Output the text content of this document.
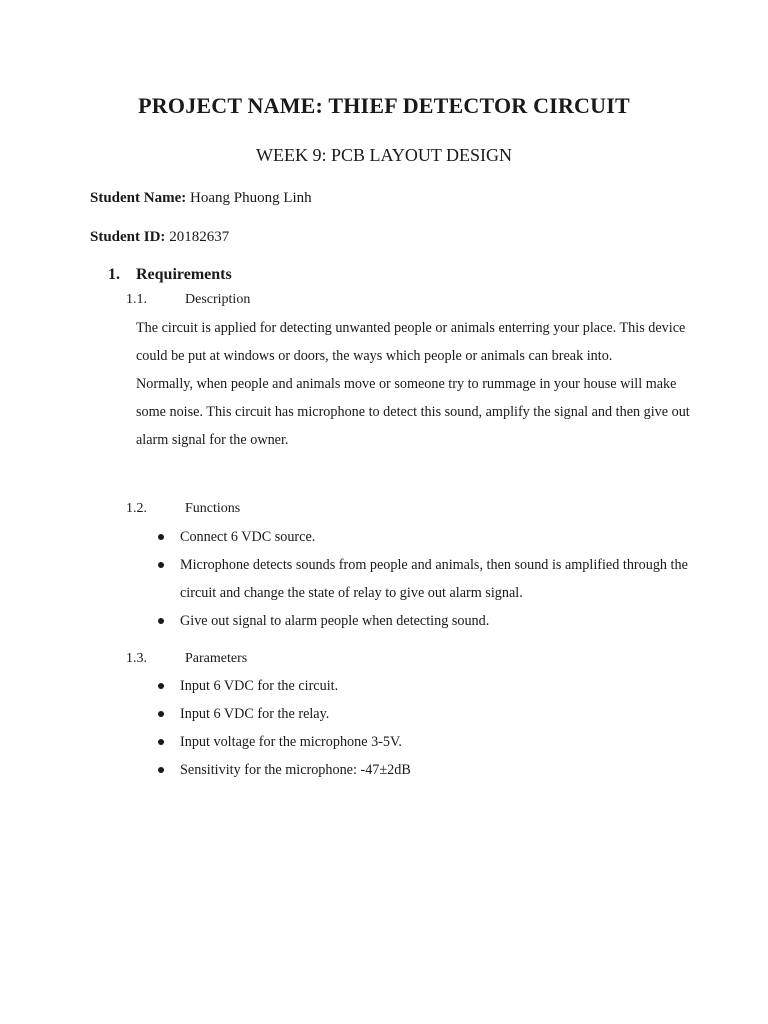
PROJECT NAME: THIEF DETECTOR CIRCUIT
WEEK 9: PCB LAYOUT DESIGN
Student Name: Hoang Phuong Linh
Student ID: 20182637
1. Requirements
1.1.	Description

The circuit is applied for detecting unwanted people or animals enterring your place. This device could be put at windows or doors, the ways which people or animals can break into.

Normally, when people and animals move or someone try to rummage in your house will make some noise. This circuit has microphone to detect this sound, amplify the signal and then give out alarm signal for the owner.

1.2.	Functions
Connect 6 VDC source.
Microphone detects sounds from people and animals, then sound is amplified through the circuit and change the state of relay to give out alarm signal.
Give out signal to alarm people when detecting sound.
1.3.	Parameters
Input 6 VDC for the circuit.
Input 6 VDC for the relay.
Input voltage for the microphone 3-5V.
Sensitivity for the microphone: -47±2dB
